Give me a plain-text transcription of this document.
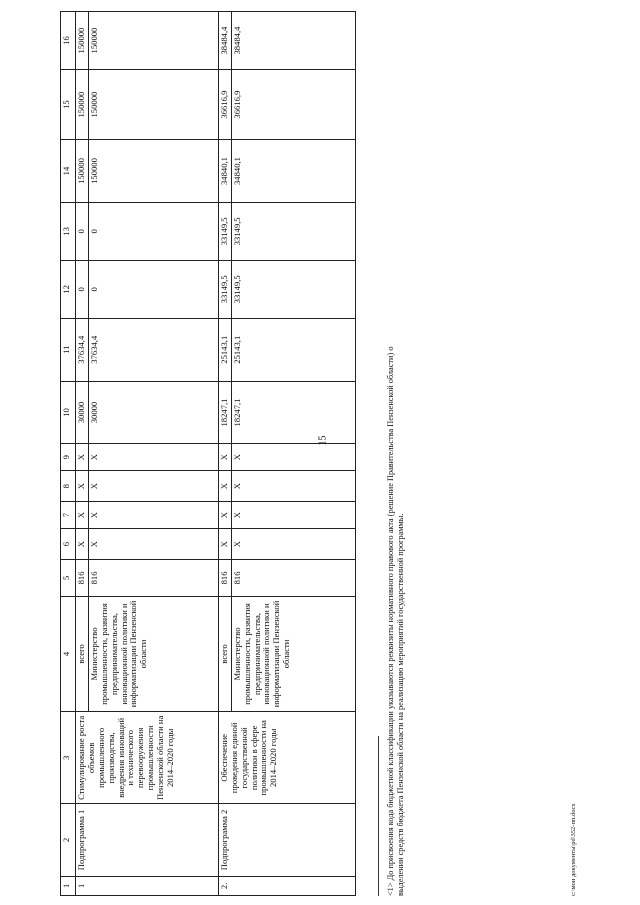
15
1	2	3	4	5	6	7	8	9	10	11	12	13	14	15	16
1	Подпрограмма 1	Стимулирование роста объемов промышленного производства, внедрения инноваций и технического перевооружения промышленности Пензенской области на 2014–2020 годы	всего	816	X	X	X	X	30000	37634,4	0	0	150000	150000	150000
			Министерство промышленности, развития предпринимательства, инновационной политики и информатизации Пензенской области	816	X	X	X	X	30000	37634,4	0	0	150000	150000	150000
2.	Подпрограмма 2	Обеспечение проведения единой государственной политики в сфере промышленности на 2014–2020 годы	всего	816	X	X	X	X	18247,1	25143,1	33149,5	33149,5	34840,1	36616,9	38484,4
			Министерство промышленности, развития предпринимательства, инновационной политики и информатизации Пензенской области	816	X	X	X	X	18247,1	25143,1	33149,5	33149,5	34840,1	36616,9	38484,4
<1> До присвоения кода бюджетной классификации указываются реквизиты нормативного правового акта (решение Правительства Пензенской области) о выделении средств бюджета Пензенской области на реализацию мероприятий государственной программы.	c:\мои документы\pd\352-пп.docx
